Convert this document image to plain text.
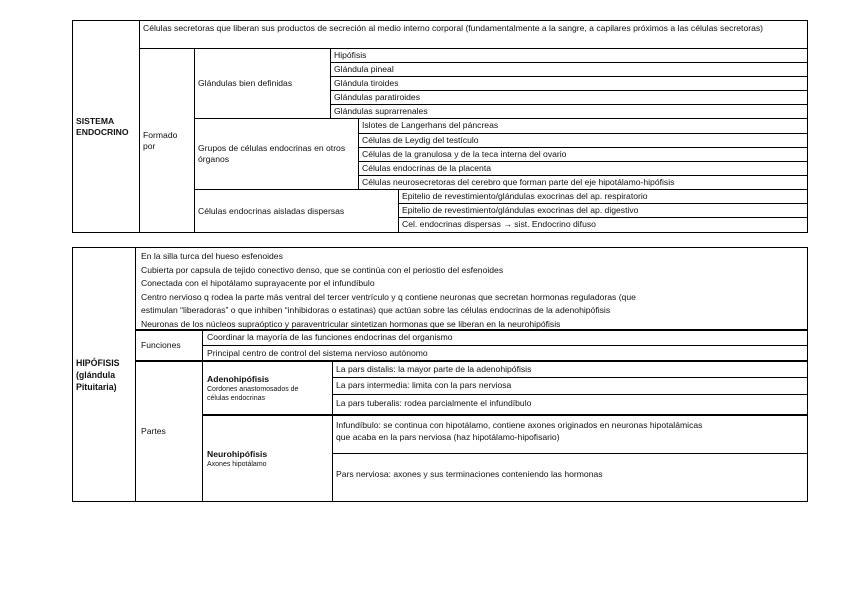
SISTEMA ENDOCRINO
Células secretoras que liberan sus productos de secreción al medio interno corporal (fundamentalmente a la sangre, a capilares próximos a las células secretoras)
Formado por
Glándulas bien definidas
Hipófisis
Glándula pineal
Glándula tiroides
Glándulas paratiroides
Glándulas suprarrenales
Grupos de células endocrinas en otros órganos
Islotes de Langerhans del páncreas
Células de Leydig del testículo
Células de la granulosa y de la teca interna del ovario
Células endocrinas de la placenta
Células neurosecretoras del cerebro que forman parte del eje hipotálamo-hipófisis
Células endocrinas aisladas dispersas
Epitelio de revestimiento/glándulas exocrinas del ap. respiratorio
Epitelio de revestimiento/glándulas exocrinas del ap. digestivo
Cel. endocrinas dispersas → sist. Endocrino difuso
HIPÓFISIS
(glándula
Pituitaria)
En la silla turca del hueso esfenoides
Cubierta por capsula de tejido conectivo denso, que se continúa con el periostio del esfenoides
Conectada con el hipotálamo suprayacente por el infundíbulo
Centro nervioso q rodea la parte más ventral del tercer ventrículo y q contiene neuronas que secretan hormonas reguladoras (que
estimulan “liberadoras” o que inhiben “inhibidoras o estatinas) que actúan sobre las células endocrinas de la adenohipófisis
Neuronas de los núcleos supraóptico y paraventricular sintetizan hormonas que se liberan en la neurohipófisis
Funciones
Coordinar la mayoría de las funciones endocrinas del organismo
Principal centro de control del sistema nervioso autónomo
Partes
Adenohipófisis
Cordones anastomosados de
células endocrinas
La pars distalis: la mayor parte de la adenohipófisis
La pars intermedia: limita con la pars nerviosa
La pars tuberalis: rodea parcialmente el infundíbulo
Neurohipófisis
Axones hipotálamo
Infundíbulo: se continua con hipotálamo, contiene axones originados en neuronas hipotalámicas
que acaba en la pars nerviosa (haz hipotálamo-hipofisario)
Pars nerviosa: axones y sus terminaciones conteniendo las hormonas
